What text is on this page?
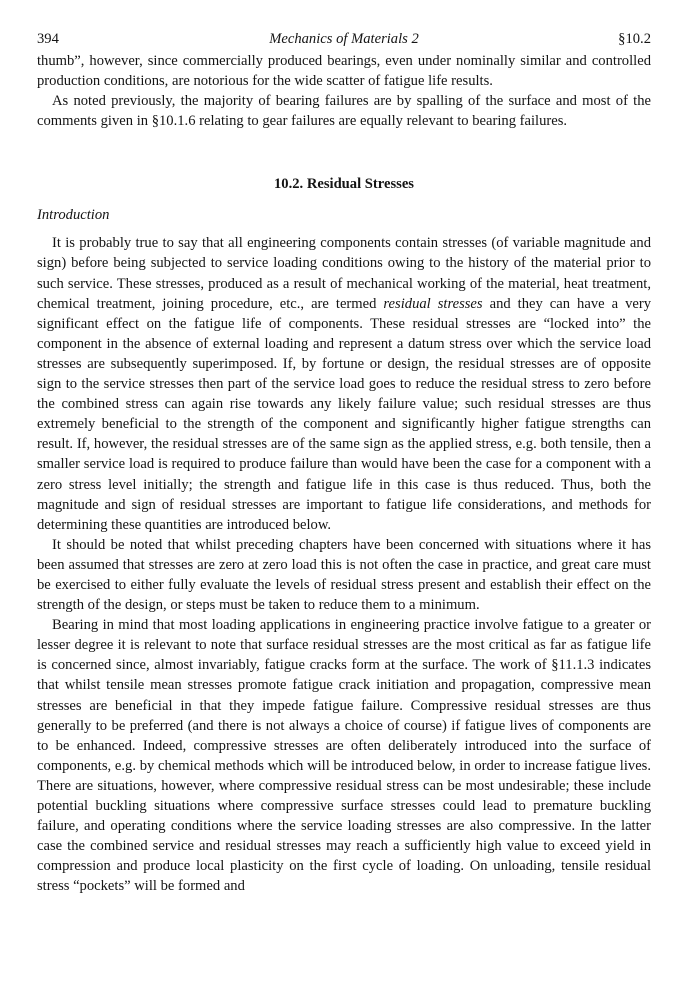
394	Mechanics of Materials 2	§10.2

thumb”, however, since commercially produced bearings, even under nominally similar and controlled production conditions, are notorious for the wide scatter of fatigue life results.

As noted previously, the majority of bearing failures are by spalling of the surface and most of the comments given in §10.1.6 relating to gear failures are equally relevant to bearing failures.

10.2. Residual Stresses
Introduction

It is probably true to say that all engineering components contain stresses (of variable magnitude and sign) before being subjected to service loading conditions owing to the history of the material prior to such service. These stresses, produced as a result of mechanical working of the material, heat treatment, chemical treatment, joining procedure, etc., are termed residual stresses and they can have a very significant effect on the fatigue life of components. These residual stresses are “locked into” the component in the absence of external loading and represent a datum stress over which the service load stresses are subsequently superimposed. If, by fortune or design, the residual stresses are of opposite sign to the service stresses then part of the service load goes to reduce the residual stress to zero before the combined stress can again rise towards any likely failure value; such residual stresses are thus extremely beneficial to the strength of the component and significantly higher fatigue strengths can result. If, however, the residual stresses are of the same sign as the applied stress, e.g. both tensile, then a smaller service load is required to produce failure than would have been the case for a component with a zero stress level initially; the strength and fatigue life in this case is thus reduced. Thus, both the magnitude and sign of residual stresses are important to fatigue life considerations, and methods for determining these quantities are introduced below.

It should be noted that whilst preceding chapters have been concerned with situations where it has been assumed that stresses are zero at zero load this is not often the case in practice, and great care must be exercised to either fully evaluate the levels of residual stress present and establish their effect on the strength of the design, or steps must be taken to reduce them to a minimum.

Bearing in mind that most loading applications in engineering practice involve fatigue to a greater or lesser degree it is relevant to note that surface residual stresses are the most critical as far as fatigue life is concerned since, almost invariably, fatigue cracks form at the surface. The work of §11.1.3 indicates that whilst tensile mean stresses promote fatigue crack initiation and propagation, compressive mean stresses are beneficial in that they impede fatigue failure. Compressive residual stresses are thus generally to be preferred (and there is not always a choice of course) if fatigue lives of components are to be enhanced. Indeed, compressive stresses are often deliberately introduced into the surface of components, e.g. by chemical methods which will be introduced below, in order to increase fatigue lives. There are situations, however, where compressive residual stress can be most undesirable; these include potential buckling situations where compressive surface stresses could lead to premature buckling failure, and operating conditions where the service loading stresses are also compressive. In the latter case the combined service and residual stresses may reach a sufficiently high value to exceed yield in compression and produce local plasticity on the first cycle of loading. On unloading, tensile residual stress “pockets” will be formed and
